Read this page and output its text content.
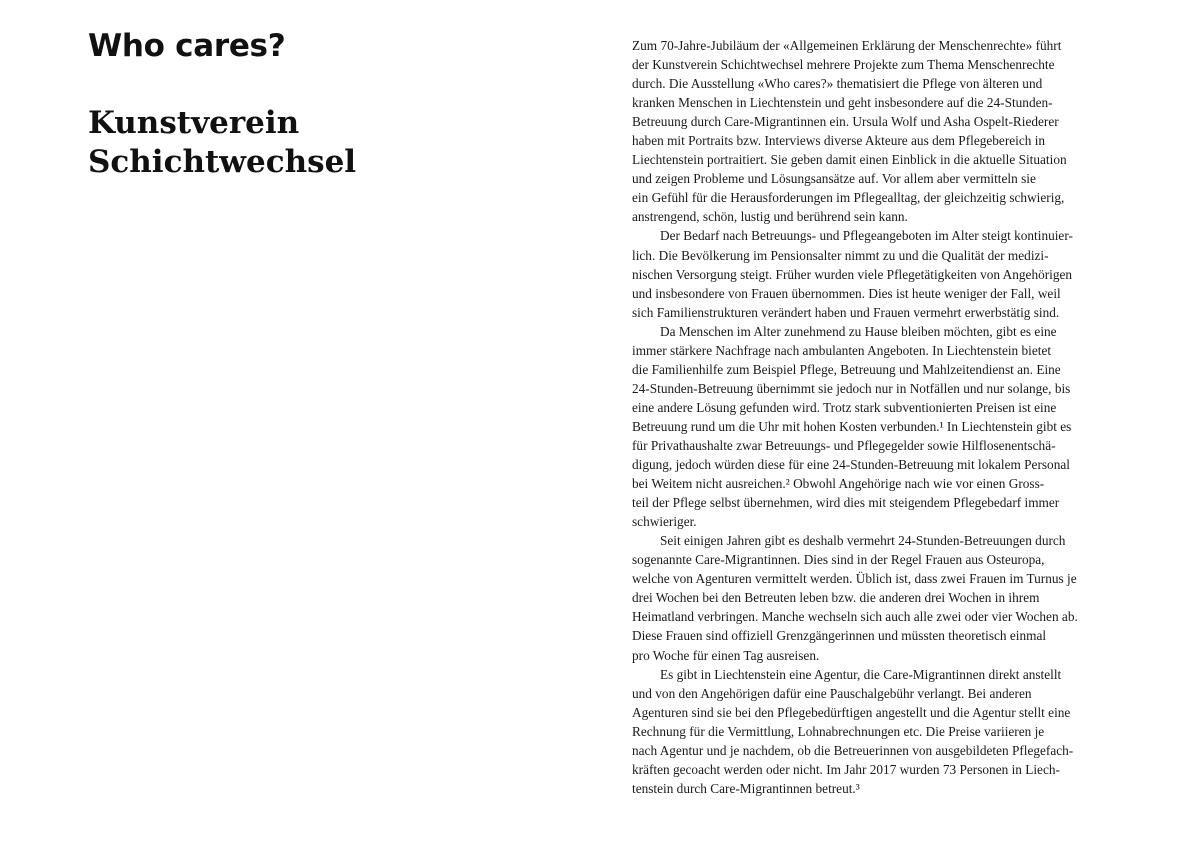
Who cares?
Kunstverein
Schichtwechsel
Zum 70-Jahre-Jubiläum der «Allgemeinen Erklärung der Menschenrechte» führt
der Kunstverein Schichtwechsel mehrere Projekte zum Thema Menschenrechte
durch. Die Ausstellung «Who cares?» thematisiert die Pflege von älteren und
kranken Menschen in Liechtenstein und geht insbesondere auf die 24-Stunden-
Betreuung durch Care-Migrantinnen ein. Ursula Wolf und Asha Ospelt-Riederer
haben mit Portraits bzw. Interviews diverse Akteure aus dem Pflegebereich in
Liechtenstein portraitiert. Sie geben damit einen Einblick in die aktuelle Situation
und zeigen Probleme und Lösungsansätze auf. Vor allem aber vermitteln sie
ein Gefühl für die Herausforderungen im Pflegealltag, der gleichzeitig schwierig,
anstrengend, schön, lustig und berührend sein kann.
Der Bedarf nach Betreuungs- und Pflegeangeboten im Alter steigt kontinuier-
lich. Die Bevölkerung im Pensionsalter nimmt zu und die Qualität der medizi-
nischen Versorgung steigt. Früher wurden viele Pflegetätigkeiten von Angehörigen
und insbesondere von Frauen übernommen. Dies ist heute weniger der Fall, weil
sich Familienstrukturen verändert haben und Frauen vermehrt erwerbstätig sind.
Da Menschen im Alter zunehmend zu Hause bleiben möchten, gibt es eine
immer stärkere Nachfrage nach ambulanten Angeboten. In Liechtenstein bietet
die Familienhilfe zum Beispiel Pflege, Betreuung und Mahlzeitendienst an. Eine
24-Stunden-Betreuung übernimmt sie jedoch nur in Notfällen und nur solange, bis
eine andere Lösung gefunden wird. Trotz stark subventionierten Preisen ist eine
Betreuung rund um die Uhr mit hohen Kosten verbunden.¹ In Liechtenstein gibt es
für Privathaushalte zwar Betreuungs- und Pflegegelder sowie Hilflosenentschä-
digung, jedoch würden diese für eine 24-Stunden-Betreuung mit lokalem Personal
bei Weitem nicht ausreichen.² Obwohl Angehörige nach wie vor einen Gross-
teil der Pflege selbst übernehmen, wird dies mit steigendem Pflegebedarf immer
schwieriger.
Seit einigen Jahren gibt es deshalb vermehrt 24-Stunden-Betreuungen durch
sogenannte Care-Migrantinnen. Dies sind in der Regel Frauen aus Osteuropa,
welche von Agenturen vermittelt werden. Üblich ist, dass zwei Frauen im Turnus je
drei Wochen bei den Betreuten leben bzw. die anderen drei Wochen in ihrem
Heimatland verbringen. Manche wechseln sich auch alle zwei oder vier Wochen ab.
Diese Frauen sind offiziell Grenzgängerinnen und müssten theoretisch einmal
pro Woche für einen Tag ausreisen.
Es gibt in Liechtenstein eine Agentur, die Care-Migrantinnen direkt anstellt
und von den Angehörigen dafür eine Pauschalgebühr verlangt. Bei anderen
Agenturen sind sie bei den Pflegebedürftigen angestellt und die Agentur stellt eine
Rechnung für die Vermittlung, Lohnabrechnungen etc. Die Preise variieren je
nach Agentur und je nachdem, ob die Betreuerinnen von ausgebildeten Pflegefach-
kräften gecoacht werden oder nicht. Im Jahr 2017 wurden 73 Personen in Liech-
tenstein durch Care-Migrantinnen betreut.³
